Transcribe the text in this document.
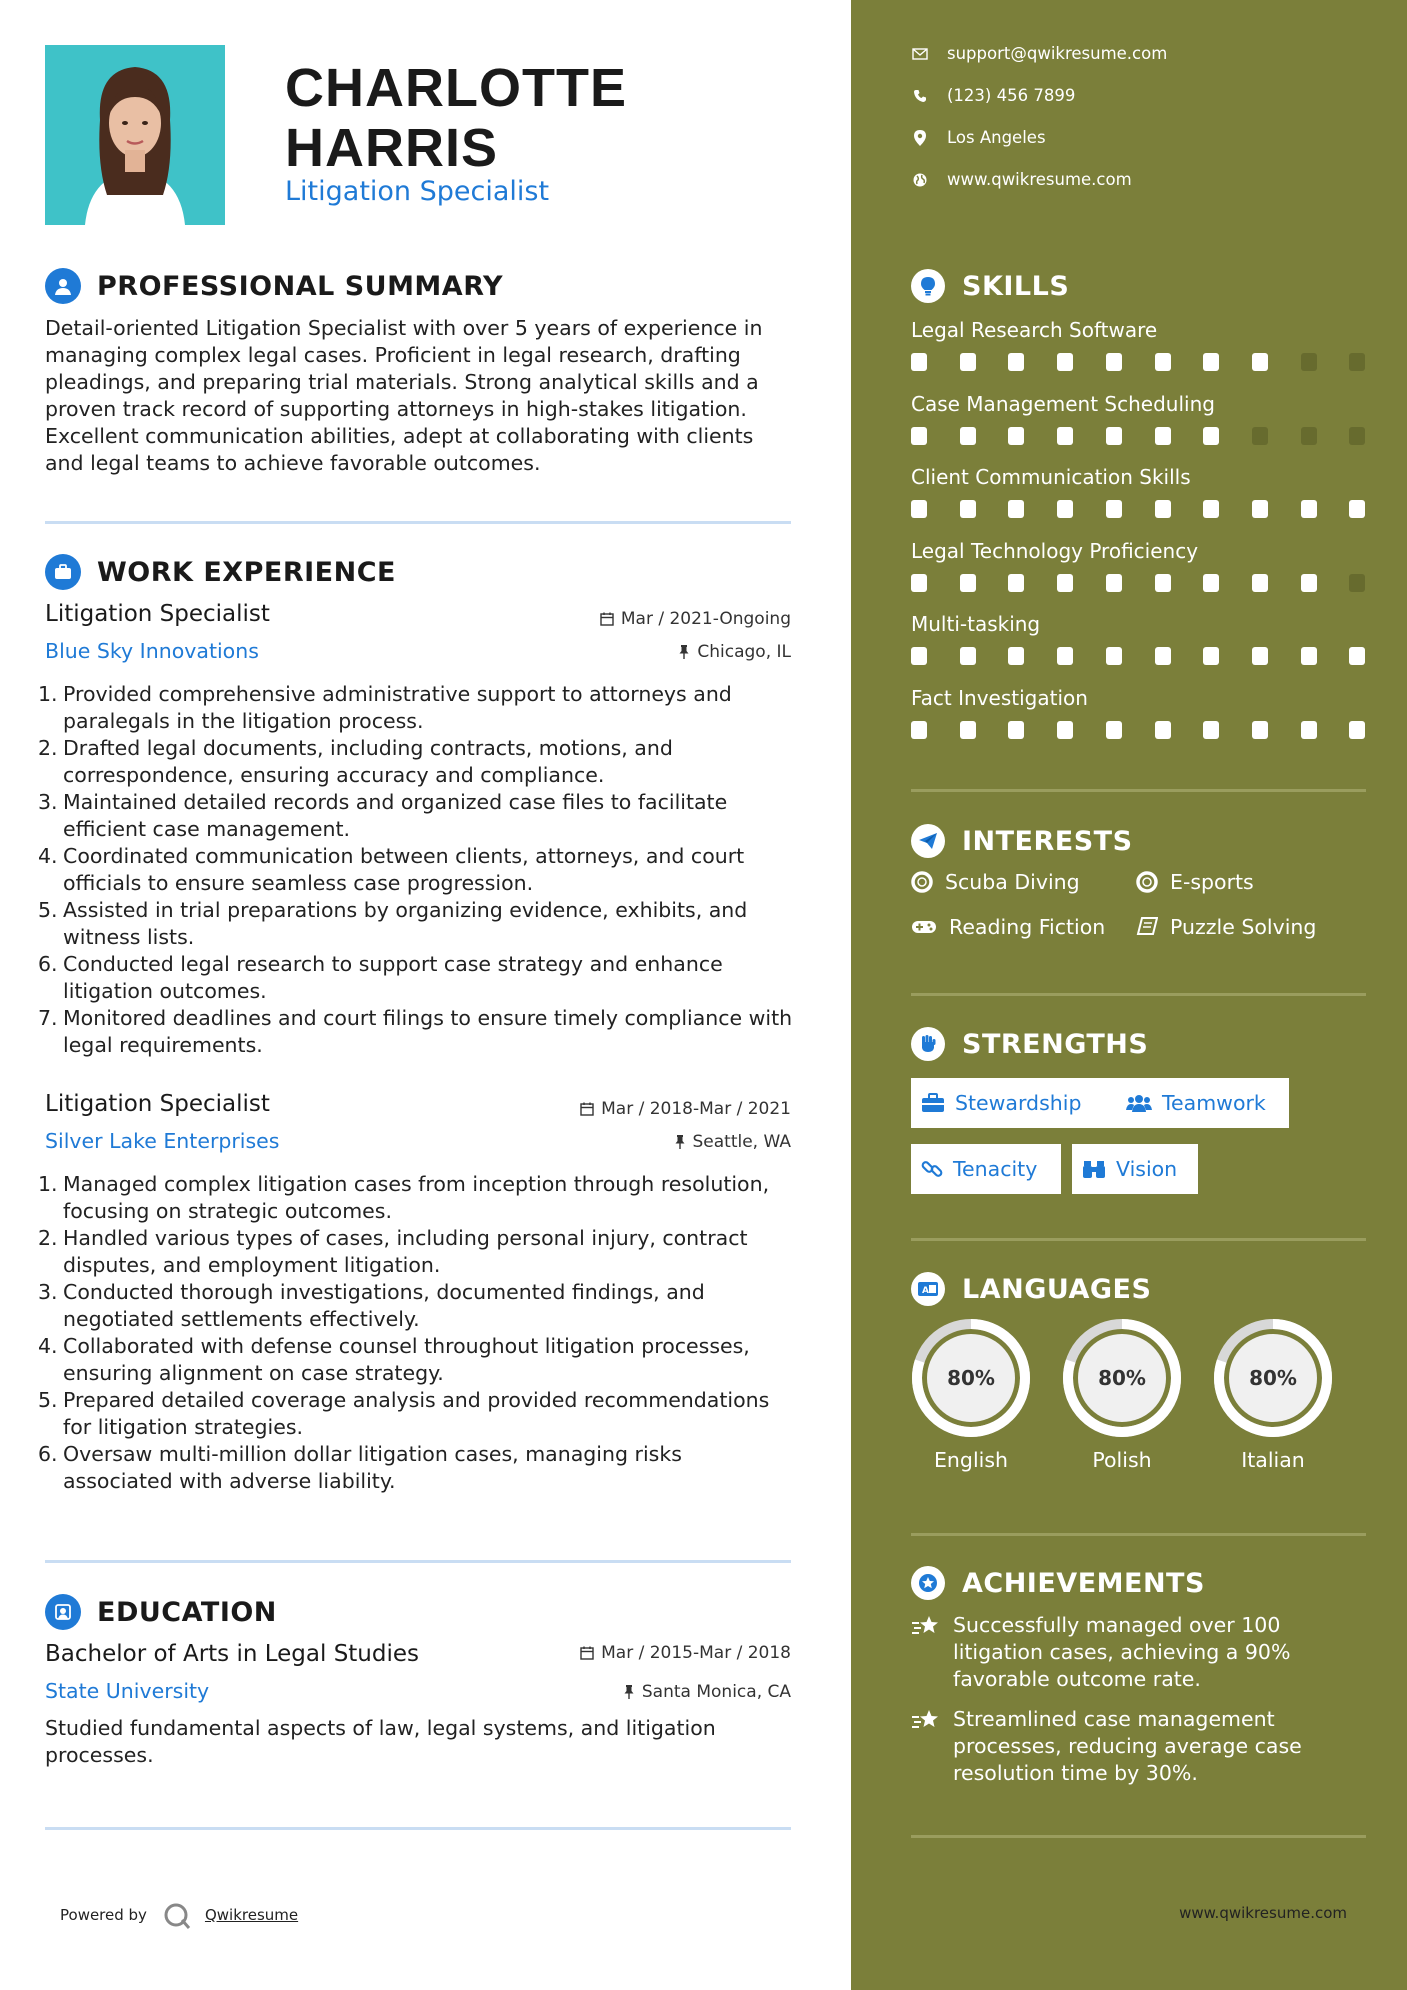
CHARLOTTE
HARRIS
Litigation Specialist
PROFESSIONAL SUMMARY
Detail-oriented Litigation Specialist with over 5 years of experience in managing complex legal cases. Proficient in legal research, drafting pleadings, and preparing trial materials. Strong analytical skills and a proven track record of supporting attorneys in high-stakes litigation. Excellent communication abilities, adept at collaborating with clients and legal teams to achieve favorable outcomes.
WORK EXPERIENCE
Litigation Specialist	Mar / 2021-Ongoing
Blue Sky Innovations	Chicago, IL
1. Provided comprehensive administrative support to attorneys and paralegals in the litigation process.
2. Drafted legal documents, including contracts, motions, and correspondence, ensuring accuracy and compliance.
3. Maintained detailed records and organized case files to facilitate efficient case management.
4. Coordinated communication between clients, attorneys, and court officials to ensure seamless case progression.
5. Assisted in trial preparations by organizing evidence, exhibits, and witness lists.
6. Conducted legal research to support case strategy and enhance litigation outcomes.
7. Monitored deadlines and court filings to ensure timely compliance with legal requirements.
Litigation Specialist	Mar / 2018-Mar / 2021
Silver Lake Enterprises	Seattle, WA
1. Managed complex litigation cases from inception through resolution, focusing on strategic outcomes.
2. Handled various types of cases, including personal injury, contract disputes, and employment litigation.
3. Conducted thorough investigations, documented findings, and negotiated settlements effectively.
4. Collaborated with defense counsel throughout litigation processes, ensuring alignment on case strategy.
5. Prepared detailed coverage analysis and provided recommendations for litigation strategies.
6. Oversaw multi-million dollar litigation cases, managing risks associated with adverse liability.
EDUCATION
Bachelor of Arts in Legal Studies	Mar / 2015-Mar / 2018
State University	Santa Monica, CA
Studied fundamental aspects of law, legal systems, and litigation processes.
Powered by	Qwikresume
support@qwikresume.com
(123) 456 7899
Los Angeles
www.qwikresume.com
SKILLS
Legal Research Software
Case Management Scheduling
Client Communication Skills
Legal Technology Proficiency
Multi-tasking
Fact Investigation
INTERESTS
Scuba Diving	E-sports
Reading Fiction	Puzzle Solving
STRENGTHS
Stewardship	Teamwork
Tenacity	Vision
A LANGUAGES
80%
English
80%
Polish
80%
Italian
ACHIEVEMENTS
Successfully managed over 100 litigation cases, achieving a 90% favorable outcome rate.
Streamlined case management processes, reducing average case resolution time by 30%.
www.qwikresume.com
